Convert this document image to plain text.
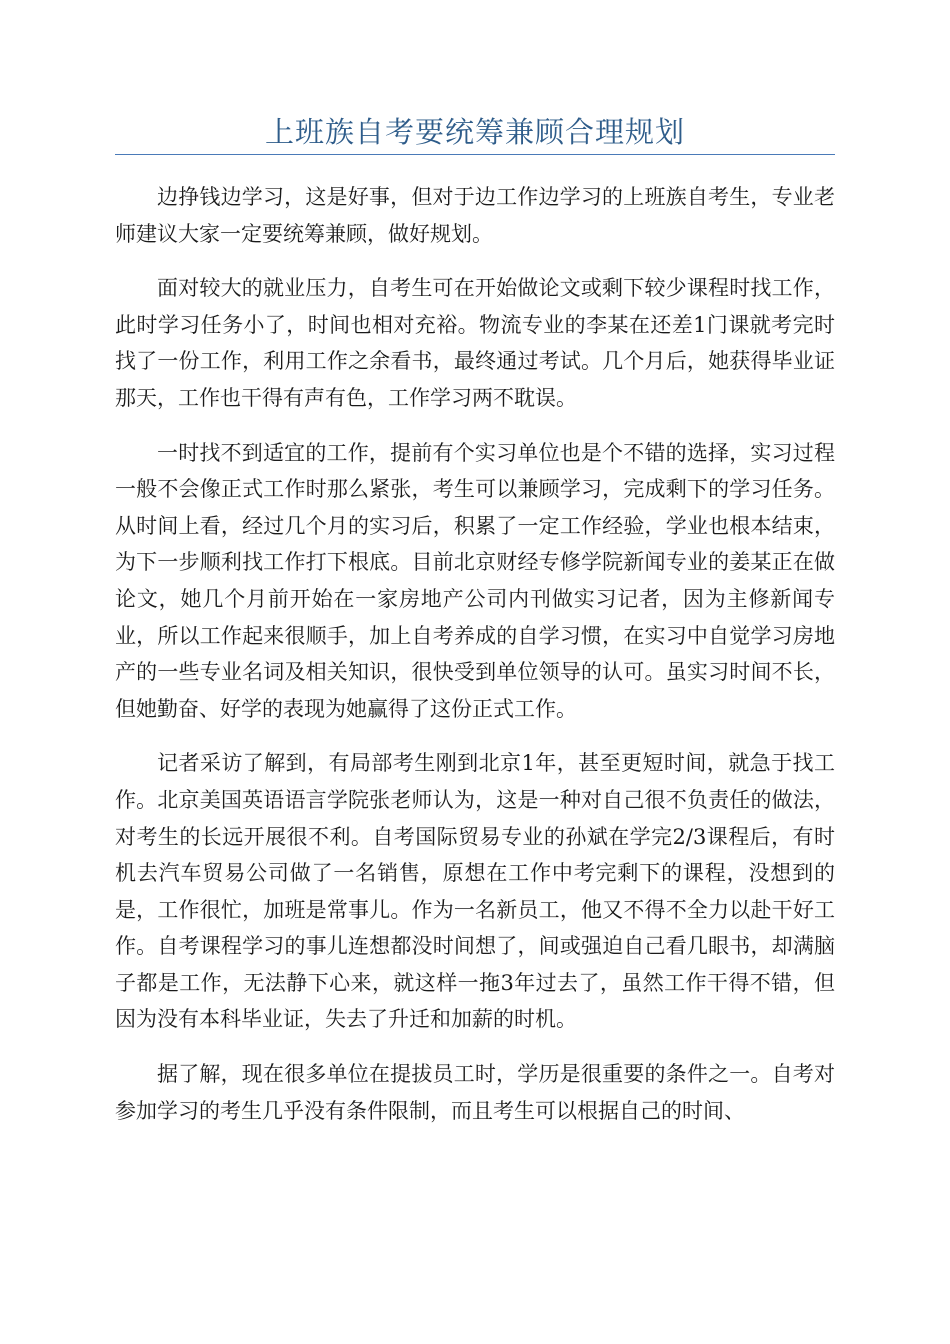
上班族自考要统筹兼顾合理规划

边挣钱边学习，这是好事，但对于边工作边学习的上班族自考生，专业老师建议大家一定要统筹兼顾，做好规划。

面对较大的就业压力，自考生可在开始做论文或剩下较少课程时找工作，此时学习任务小了，时间也相对充裕。物流专业的李某在还差1门课就考完时找了一份工作，利用工作之余看书，最终通过考试。几个月后，她获得毕业证那天，工作也干得有声有色，工作学习两不耽误。

一时找不到适宜的工作，提前有个实习单位也是个不错的选择，实习过程一般不会像正式工作时那么紧张，考生可以兼顾学习，完成剩下的学习任务。从时间上看，经过几个月的实习后，积累了一定工作经验，学业也根本结束，为下一步顺利找工作打下根底。目前北京财经专修学院新闻专业的姜某正在做论文，她几个月前开始在一家房地产公司内刊做实习记者，因为主修新闻专业，所以工作起来很顺手，加上自考养成的自学习惯，在实习中自觉学习房地产的一些专业名词及相关知识，很快受到单位领导的认可。虽实习时间不长，但她勤奋、好学的表现为她赢得了这份正式工作。

记者采访了解到，有局部考生刚到北京1年，甚至更短时间，就急于找工作。北京美国英语语言学院张老师认为，这是一种对自己很不负责任的做法，对考生的长远开展很不利。自考国际贸易专业的孙斌在学完2/3课程后，有时机去汽车贸易公司做了一名销售，原想在工作中考完剩下的课程，没想到的是，工作很忙，加班是常事儿。作为一名新员工，他又不得不全力以赴干好工作。自考课程学习的事儿连想都没时间想了，间或强迫自己看几眼书，却满脑子都是工作，无法静下心来，就这样一拖3年过去了，虽然工作干得不错，但因为没有本科毕业证，失去了升迁和加薪的时机。

据了解，现在很多单位在提拔员工时，学历是很重要的条件之一。自考对参加学习的考生几乎没有条件限制，而且考生可以根据自己的时间、
